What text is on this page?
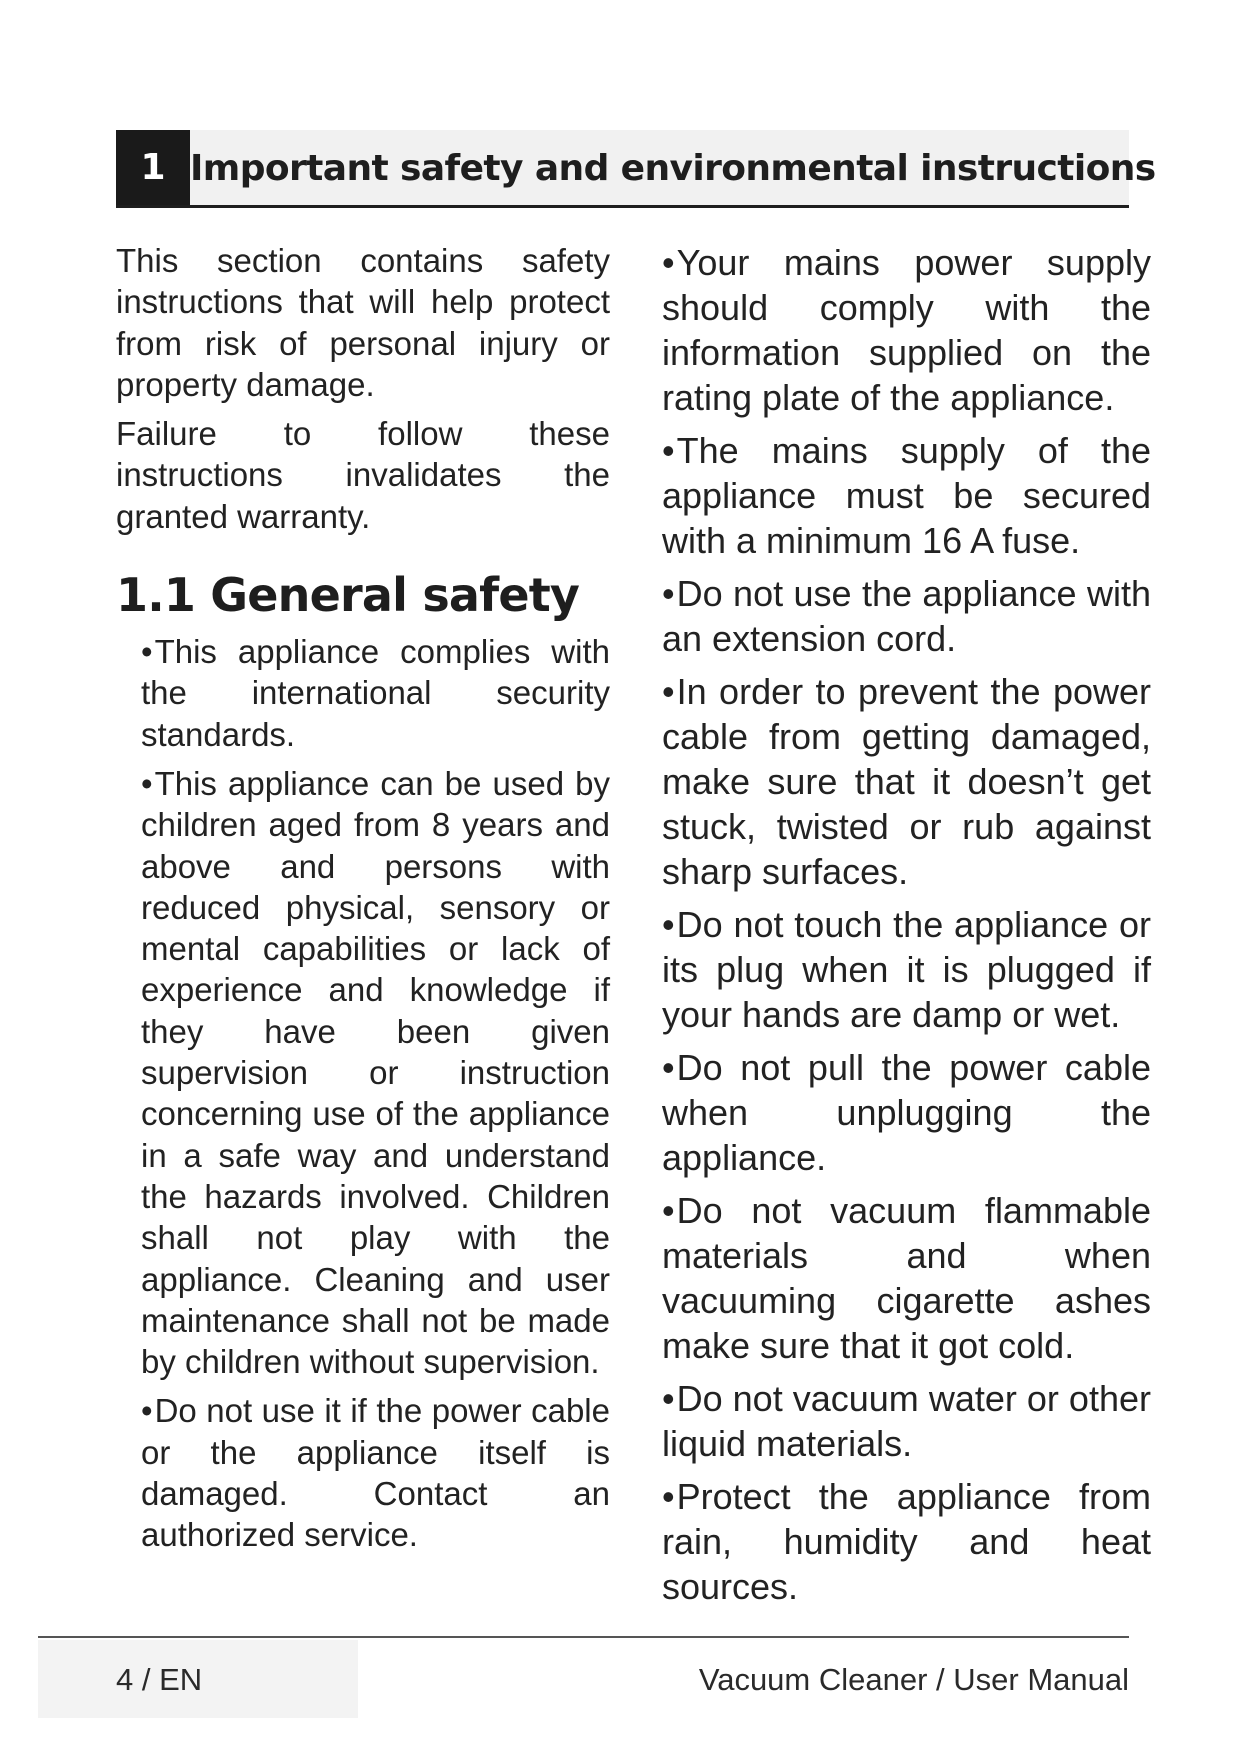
1 Important safety and environmental instructions

This section contains safety instructions that will help protect from risk of personal injury or property damage.

Failure to follow these instructions invalidates the granted warranty.

1.1 General safety

•This appliance complies with the international security standards.

•This appliance can be used by children aged from 8 years and above and persons with reduced physical, sensory or mental capabilities or lack of experience and knowledge if they have been given supervision or instruction concerning use of the appliance in a safe way and understand the hazards involved. Children shall not play with the appliance. Cleaning and user maintenance shall not be made by children without supervision.

•Do not use it if the power cable or the appliance itself is damaged. Contact an authorized service.

•Your mains power supply should comply with the information supplied on the rating plate of the appliance.

•The mains supply of the appliance must be secured with a minimum 16 A fuse.

•Do not use the appliance with an extension cord.

•In order to prevent the power cable from getting damaged, make sure that it doesn’t get stuck, twisted or rub against sharp surfaces.

•Do not touch the appliance or its plug when it is plugged if your hands are damp or wet.

•Do not pull the power cable when unplugging the appliance.

•Do not vacuum flammable materials and when vacuuming cigarette ashes make sure that it got cold.

•Do not vacuum water or other liquid materials.

•Protect the appliance from rain, humidity and heat sources.

4 / EN	Vacuum Cleaner / User Manual
